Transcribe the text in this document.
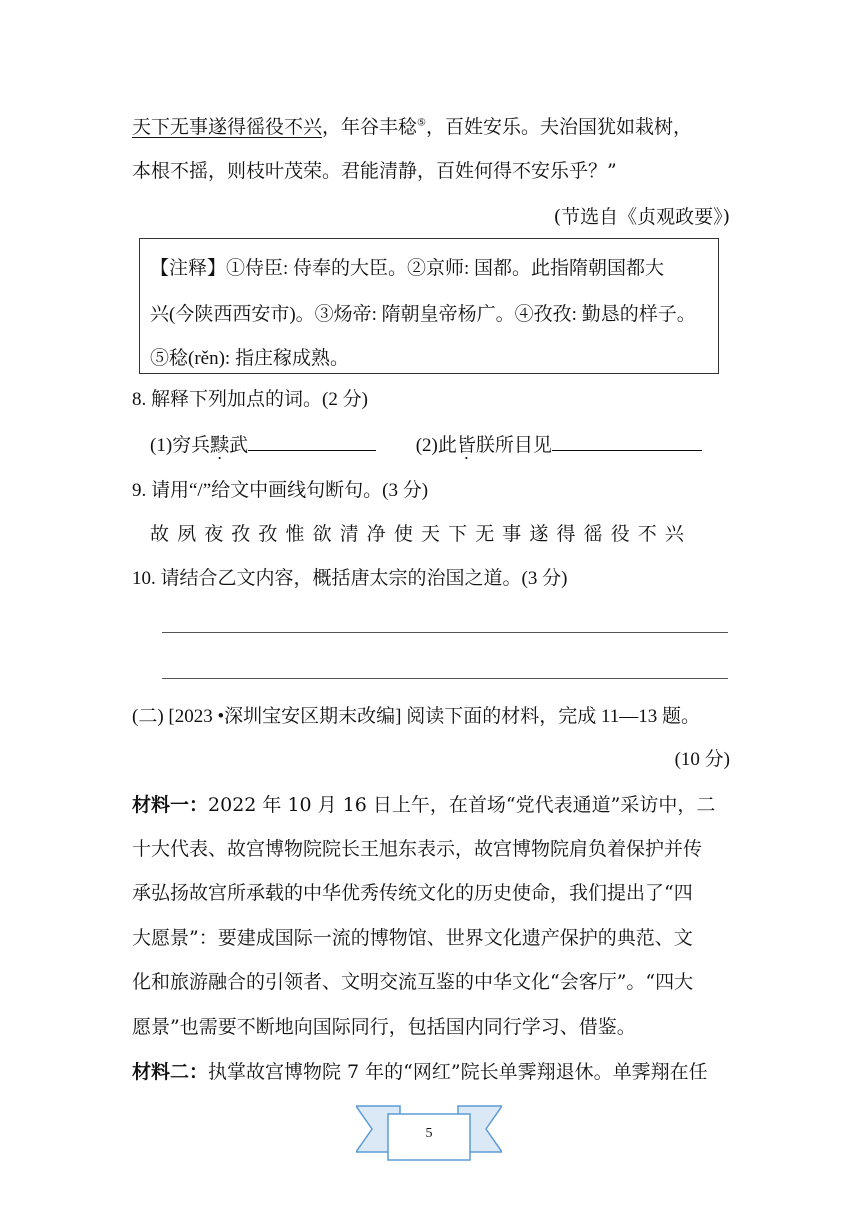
天下无事遂得徭役不兴，年谷丰稔⑤，百姓安乐。夫治国犹如栽树，
本根不摇，则枝叶茂荣。君能清静，百姓何得不安乐乎？”
(节选自《贞观政要》)
【注释】①侍臣: 侍奉的大臣。②京师: 国都。此指隋朝国都大
兴(今陕西西安市)。③炀帝: 隋朝皇帝杨广。④孜孜: 勤恳的样子。
⑤稔(rěn): 指庄稼成熟。
8. 解释下列加点的词。(2 分)
(1)穷兵黩武	(2)此皆朕所目见
9. 请用“/”给文中画线句断句。(3 分)
故夙夜孜孜惟欲清净使天下无事遂得徭役不兴
10. 请结合乙文内容，概括唐太宗的治国之道。(3 分)
(二) [2023 •深圳宝安区期末改编] 阅读下面的材料，完成 11—13 题。
(10 分)
材料一：2022 年 10 月 16 日上午，在首场“党代表通道”采访中，二
十大代表、故宫博物院院长王旭东表示，故宫博物院肩负着保护并传
承弘扬故宫所承载的中华优秀传统文化的历史使命，我们提出了“四
大愿景”：要建成国际一流的博物馆、世界文化遗产保护的典范、文
化和旅游融合的引领者、文明交流互鉴的中华文化“会客厅”。“四大
愿景”也需要不断地向国际同行，包括国内同行学习、借鉴。
材料二：执掌故宫博物院 7 年的“网红”院长单霁翔退休。单霁翔在任
5
